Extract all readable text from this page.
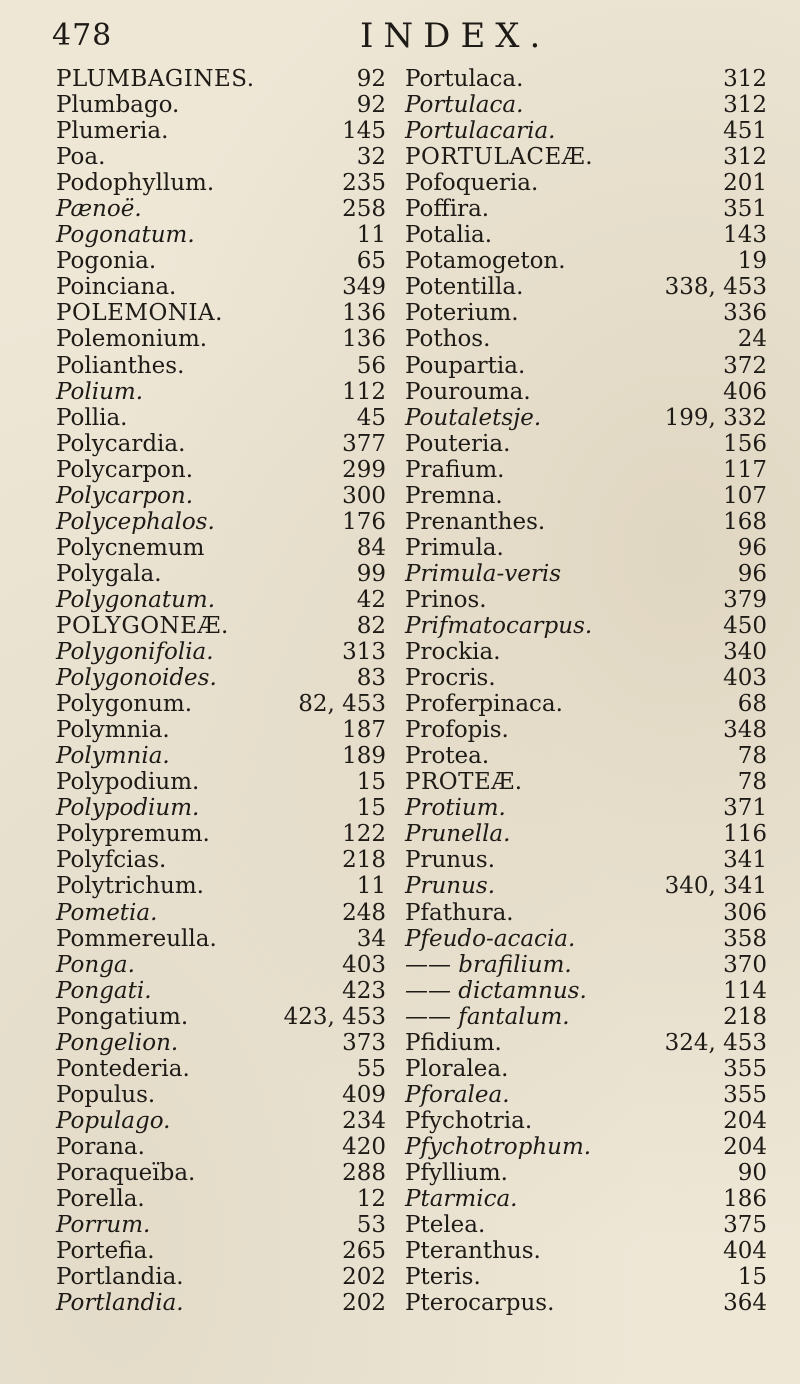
478	INDEX.
PLUMBAGINES.	92
Plumbago.	92
Plumeria.	145
Poa.	32
Podophyllum.	235
Pænoë.	258
Pogonatum.	11
Pogonia.	65
Poinciana.	349
POLEMONIA.	136
Polemonium.	136
Polianthes.	56
Polium.	112
Pollia.	45
Polycardia.	377
Polycarpon.	299
Polycarpon.	300
Polycephalos.	176
Polycnemum	84
Polygala.	99
Polygonatum.	42
POLYGONEÆ.	82
Polygonifolia.	313
Polygonoides.	83
Polygonum.	82, 453
Polymnia.	187
Polymnia.	189
Polypodium.	15
Polypodium.	15
Polypremum.	122
Polyfcias.	218
Polytrichum.	11
Pometia.	248
Pommereulla.	34
Ponga.	403
Pongati.	423
Pongatium.	423, 453
Pongelion.	373
Pontederia.	55
Populus.	409
Populago.	234
Porana.	420
Poraqueïba.	288
Porella.	12
Porrum.	53
Portefia.	265
Portlandia.	202
Portlandia.	202
Portulaca.	312
Portulaca.	312
Portulacaria.	451
PORTULACEÆ.	312
Pofoqueria.	201
Poffira.	351
Potalia.	143
Potamogeton.	19
Potentilla.	338, 453
Poterium.	336
Pothos.	24
Poupartia.	372
Pourouma.	406
Poutaletsje.	199, 332
Pouteria.	156
Prafium.	117
Premna.	107
Prenanthes.	168
Primula.	96
Primula-veris	96
Prinos.	379
Prifmatocarpus.	450
Prockia.	340
Procris.	403
Proferpinaca.	68
Profopis.	348
Protea.	78
PROTEÆ.	78
Protium.	371
Prunella.	116
Prunus.	341
Prunus.	340, 341
Pfathura.	306
Pfeudo-acacia.	358
—— brafilium.	370
—— dictamnus.	114
—— fantalum.	218
Pfidium.	324, 453
Ploralea.	355
Pforalea.	355
Pfychotria.	204
Pfychotrophum.	204
Pfyllium.	90
Ptarmica.	186
Ptelea.	375
Pteranthus.	404
Pteris.	15
Pterocarpus.	364
